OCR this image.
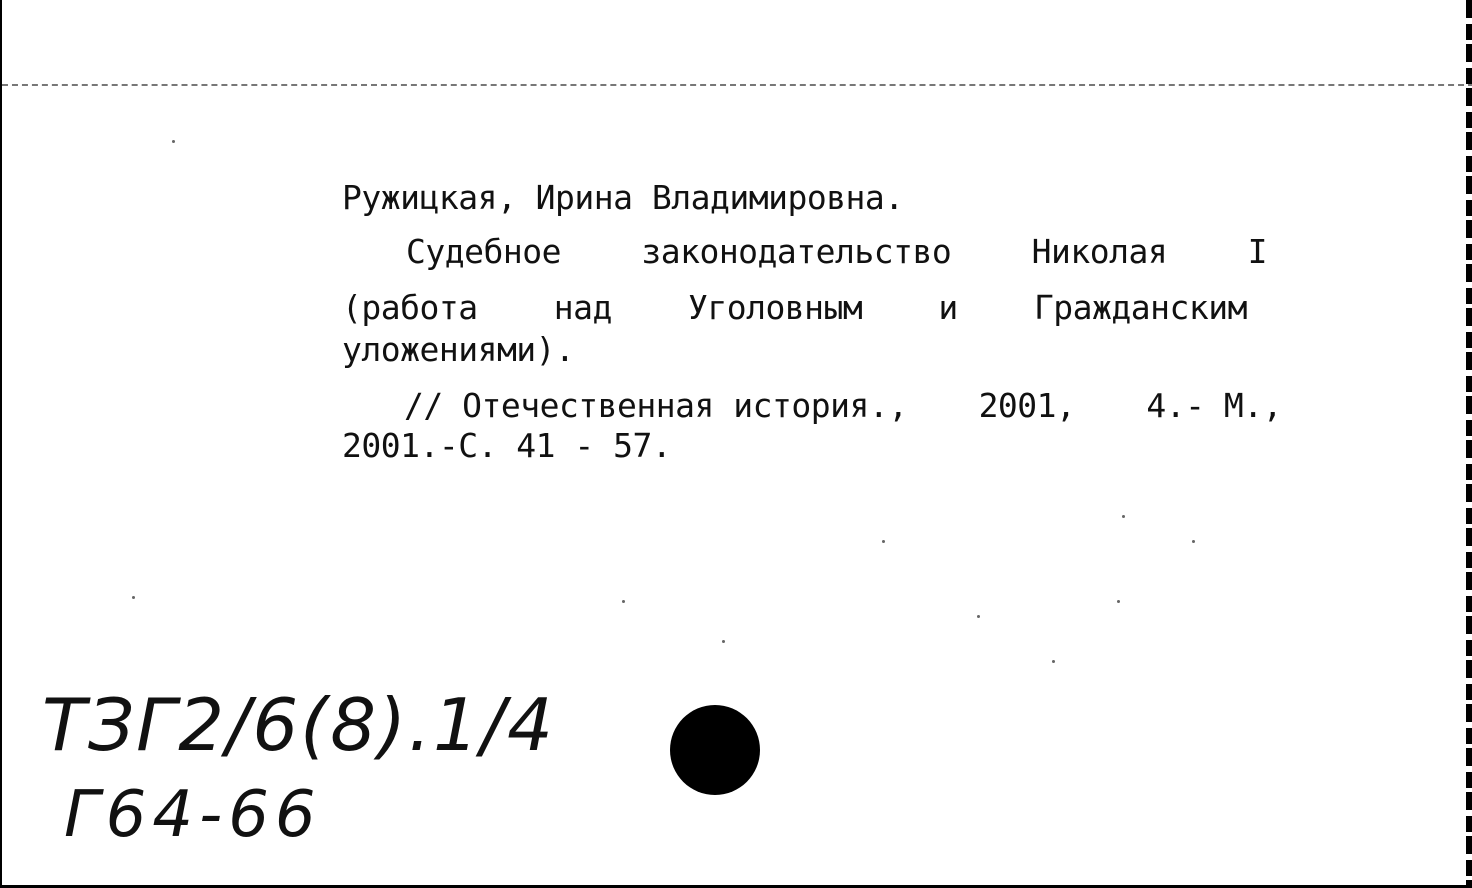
Ружицкая, Ирина Владимировна.
Судебное законодательство Николая I
(работа над Уголовным и Гражданским
уложениями).
// Отечественная история., 2001, 4.- М.,
2001.-С. 41 - 57.
ТЗГ2/6(8).1/4
Г64-66
